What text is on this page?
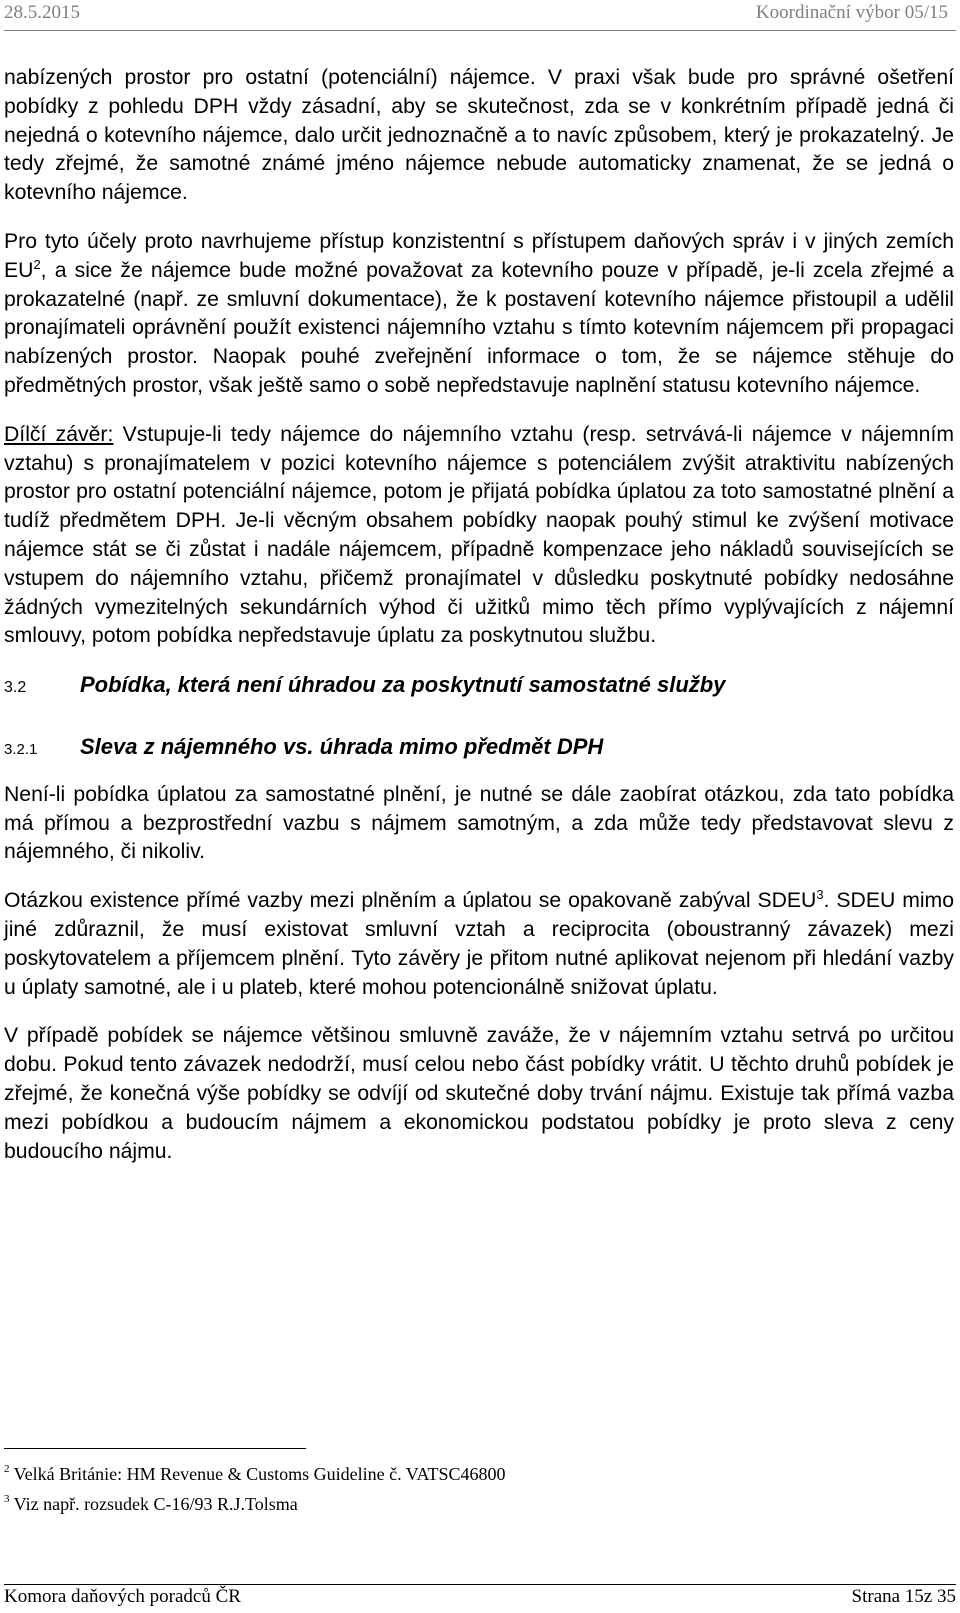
28.5.2015	Koordinační výbor 05/15

nabízených prostor pro ostatní (potenciální) nájemce. V praxi však bude pro správné ošetření pobídky z pohledu DPH vždy zásadní, aby se skutečnost, zda se v konkrétním případě jedná či nejedná o kotevního nájemce, dalo určit jednoznačně a to navíc způsobem, který je prokazatelný. Je tedy zřejmé, že samotné známé jméno nájemce nebude automaticky znamenat, že se jedná o kotevního nájemce.

Pro tyto účely proto navrhujeme přístup konzistentní s přístupem daňových správ i v jiných zemích EU$^2$, a sice že nájemce bude možné považovat za kotevního pouze v případě, je-li zcela zřejmé a prokazatelné (např. ze smluvní dokumentace), že k postavení kotevního nájemce přistoupil a udělil pronajímateli oprávnění použít existenci nájemního vztahu s tímto kotevním nájemcem při propagaci nabízených prostor. Naopak pouhé zveřejnění informace o tom, že se nájemce stěhuje do předmětných prostor, však ještě samo o sobě nepředstavuje naplnění statusu kotevního nájemce.

Dílčí závěr: Vstupuje-li tedy nájemce do nájemního vztahu (resp. setrvává-li nájemce v nájemním vztahu) s pronajímatelem v pozici kotevního nájemce s potenciálem zvýšit atraktivitu nabízených prostor pro ostatní potenciální nájemce, potom je přijatá pobídka úplatou za toto samostatné plnění a tudíž předmětem DPH. Je-li věcným obsahem pobídky naopak pouhý stimul ke zvýšení motivace nájemce stát se či zůstat i nadále nájemcem, případně kompenzace jeho nákladů souvisejících se vstupem do nájemního vztahu, přičemž pronajímatel v důsledku poskytnuté pobídky nedosáhne žádných vymezitelných sekundárních výhod či užitků mimo těch přímo vyplývajících z nájemní smlouvy, potom pobídka nepředstavuje úplatu za poskytnutou službu.

3.2	Pobídka, která není úhradou za poskytnutí samostatné služby
3.2.1	Sleva z nájemného vs. úhrada mimo předmět DPH

Není-li pobídka úplatou za samostatné plnění, je nutné se dále zaobírat otázkou, zda tato pobídka má přímou a bezprostřední vazbu s nájmem samotným, a zda může tedy představovat slevu z nájemného, či nikoliv.

Otázkou existence přímé vazby mezi plněním a úplatou se opakovaně zabýval SDEU$^3$. SDEU mimo jiné zdůraznil, že musí existovat smluvní vztah a reciprocita (oboustranný závazek) mezi poskytovatelem a příjemcem plnění. Tyto závěry je přitom nutné aplikovat nejenom při hledání vazby u úplaty samotné, ale i u plateb, které mohou potencionálně snižovat úplatu.

V případě pobídek se nájemce většinou smluvně zaváže, že v nájemním vztahu setrvá po určitou dobu. Pokud tento závazek nedodrží, musí celou nebo část pobídky vrátit. U těchto druhů pobídek je zřejmé, že konečná výše pobídky se odvíjí od skutečné doby trvání nájmu. Existuje tak přímá vazba mezi pobídkou a budoucím nájmem a ekonomickou podstatou pobídky je proto sleva z ceny budoucího nájmu.

$^2$ Velká Británie: HM Revenue & Customs Guideline č. VATSC46800
$^3$ Viz např. rozsudek C-16/93 R.J.Tolsma
Komora daňových poradců ČR	Strana 15z 35
